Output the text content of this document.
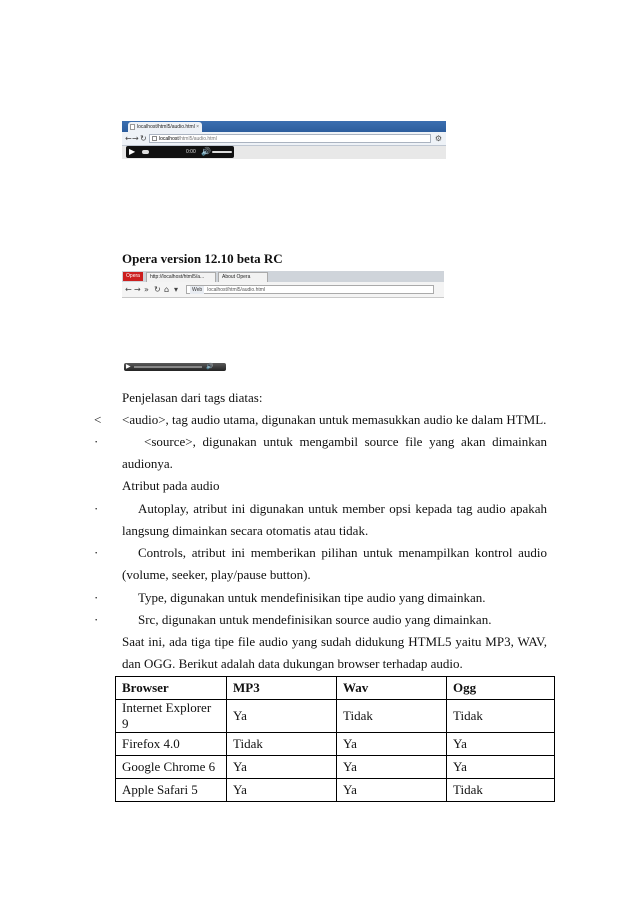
localhost/html5/audio.html ×
← → ↻	localhost/html5/audio.html	⚙
▶	0:00 🔊
Opera version 12.10 beta RC
Opera	http://localhost/html5/a...	About Opera
← → » ↻ ⌂ ▾	Web localhost/html5/audio.html
▶	🔊
Penjelasan dari tags diatas:
< <audio>, tag audio utama, digunakan untuk memasukkan audio ke dalam HTML.
·	<source>, digunakan untuk mengambil source file yang akan dimainkan
audionya.
Atribut pada audio
·	Autoplay, atribut ini digunakan untuk member opsi kepada tag audio apakah
langsung dimainkan secara otomatis atau tidak.
·	Controls, atribut ini memberikan pilihan untuk menampilkan kontrol audio
(volume, seeker, play/pause button).
·	Type, digunakan untuk mendefinisikan tipe audio yang dimainkan.
·	Src, digunakan untuk mendefinisikan source audio yang dimainkan.
Saat ini, ada tiga tipe file audio yang sudah didukung HTML5 yaitu MP3, WAV,
dan OGG. Berikut adalah data dukungan browser terhadap audio.
Browser	MP3	Wav	Ogg
Internet Explorer 9	Ya	Tidak	Tidak
Firefox 4.0	Tidak	Ya	Ya
Google Chrome 6	Ya	Ya	Ya
Apple Safari 5	Ya	Ya	Tidak
